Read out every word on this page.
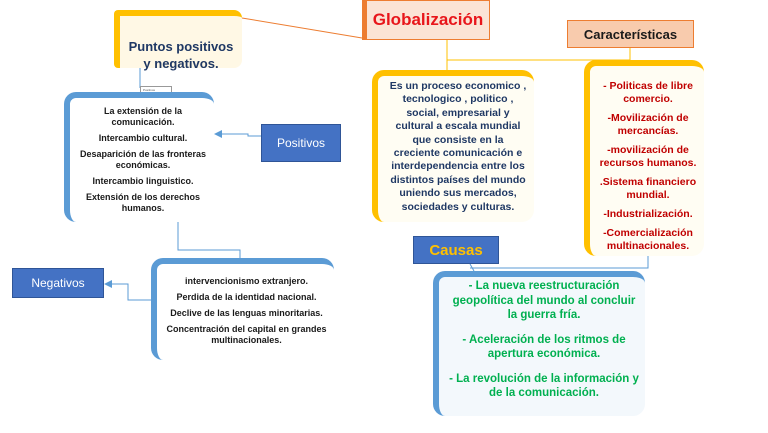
Globalización
Puntos positivos
y negativos.
Positivos
Características
Es un proceso economico , tecnologico , politico , social, empresarial y cultural a escala mundial que consiste en la creciente comunicación e interdependencia entre los distintos países del mundo uniendo sus mercados, sociedades y culturas.
- Politicas de libre comercio.
-Movilización de mercancías.
-movilización de recursos humanos.
.Sistema financiero mundial.
-Industrialización.
-Comercialización multinacionales.
Causas
- La nueva reestructuración geopolítica del mundo al concluir la guerra fría.
- Aceleración de los ritmos de apertura económica.
- La revolución de la información y de la comunicación.
La extensión de la comunicación.
Intercambio cultural.
Desaparición de las fronteras económicas.
Intercambio linguistico.
Extensión de los derechos humanos.
Positivos
intervencionismo extranjero.
Perdida de la identidad nacional.
Declive de las lenguas minoritarias.
Concentración del capital en grandes multinacionales.
Negativos
